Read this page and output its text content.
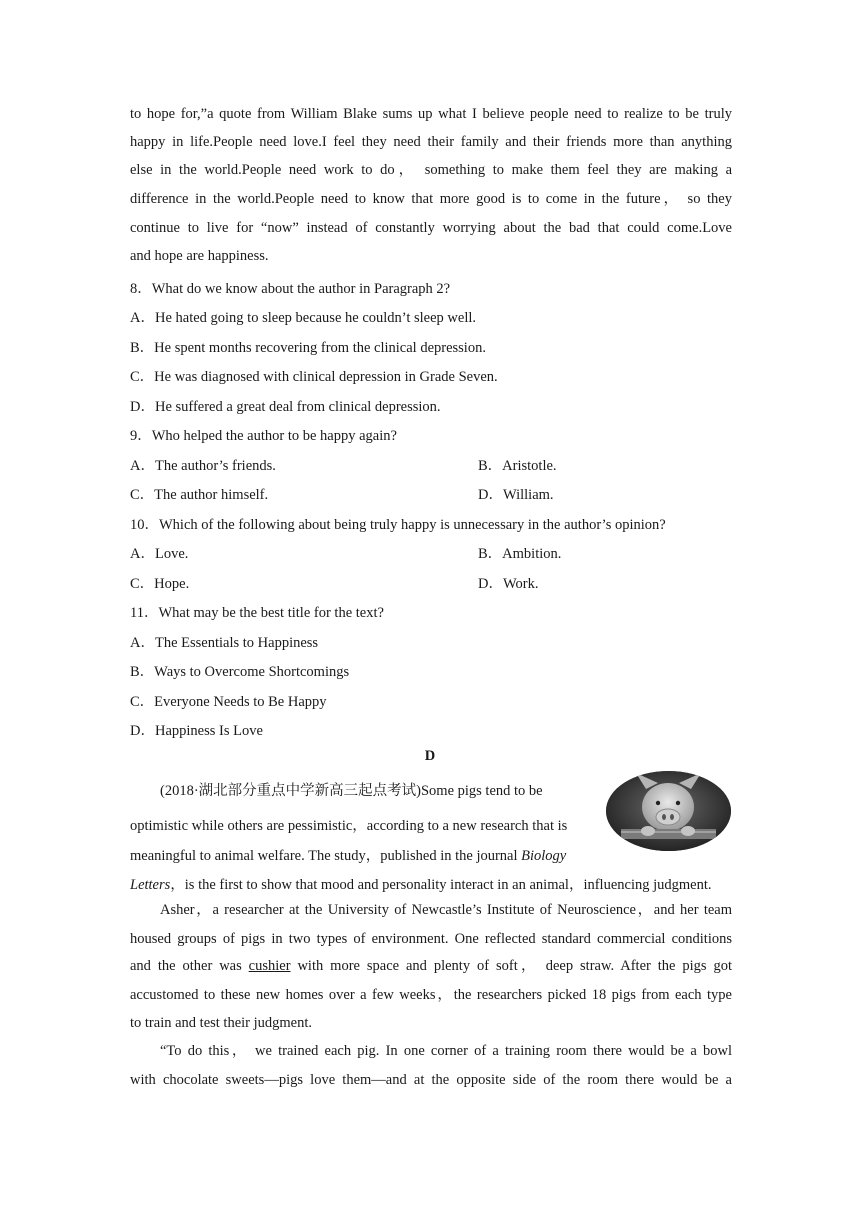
to hope for,”a quote from William Blake sums up what I believe people need to realize to be truly
happy in life.People need love.I feel they need their family and their friends more than anything
else in the world.People need work to do， something to make them feel they are making a
difference in the world.People need to know that more good is to come in the future， so they
continue to live for “now” instead of constantly worrying about the bad that could come.Love
and hope are happiness.
8．What do we know about the author in Paragraph 2?
A．He hated going to sleep because he couldn’t sleep well.
B．He spent months recovering from the clinical depression.
C．He was diagnosed with clinical depression in Grade Seven.
D．He suffered a great deal from clinical depression.
9．Who helped the author to be happy again?
A．The author’s friends.	B．Aristotle.
C．The author himself.	D．William.
10．Which of the following about being truly happy is unnecessary in the author’s opinion?
A．Love.	B．Ambition.
C．Hope.	D．Work.
11．What may be the best title for the text?
A．The Essentials to Happiness
B．Ways to Overcome Shortcomings
C．Everyone Needs to Be Happy
D．Happiness Is Love
D
(2018·湖北部分重点中学新高三起点考试)Some pigs tend to be
optimistic while others are pessimistic，according to a new research that is
meaningful to animal welfare. The study，published in the journal Biology
Letters，is the first to show that mood and personality interact in an animal，influencing judgment.
Asher，a researcher at the University of Newcastle’s Institute of Neuroscience，and her team
housed groups of pigs in two types of environment. One reflected standard commercial conditions
and the other was cushier with more space and plenty of soft， deep straw. After the pigs got
accustomed to these new homes over a few weeks，the researchers picked 18 pigs from each type
to train and test their judgment.
“To do this， we trained each pig. In one corner of a training room there would be a bowl
with chocolate sweets—pigs love them—and at the opposite side of the room there would be a
